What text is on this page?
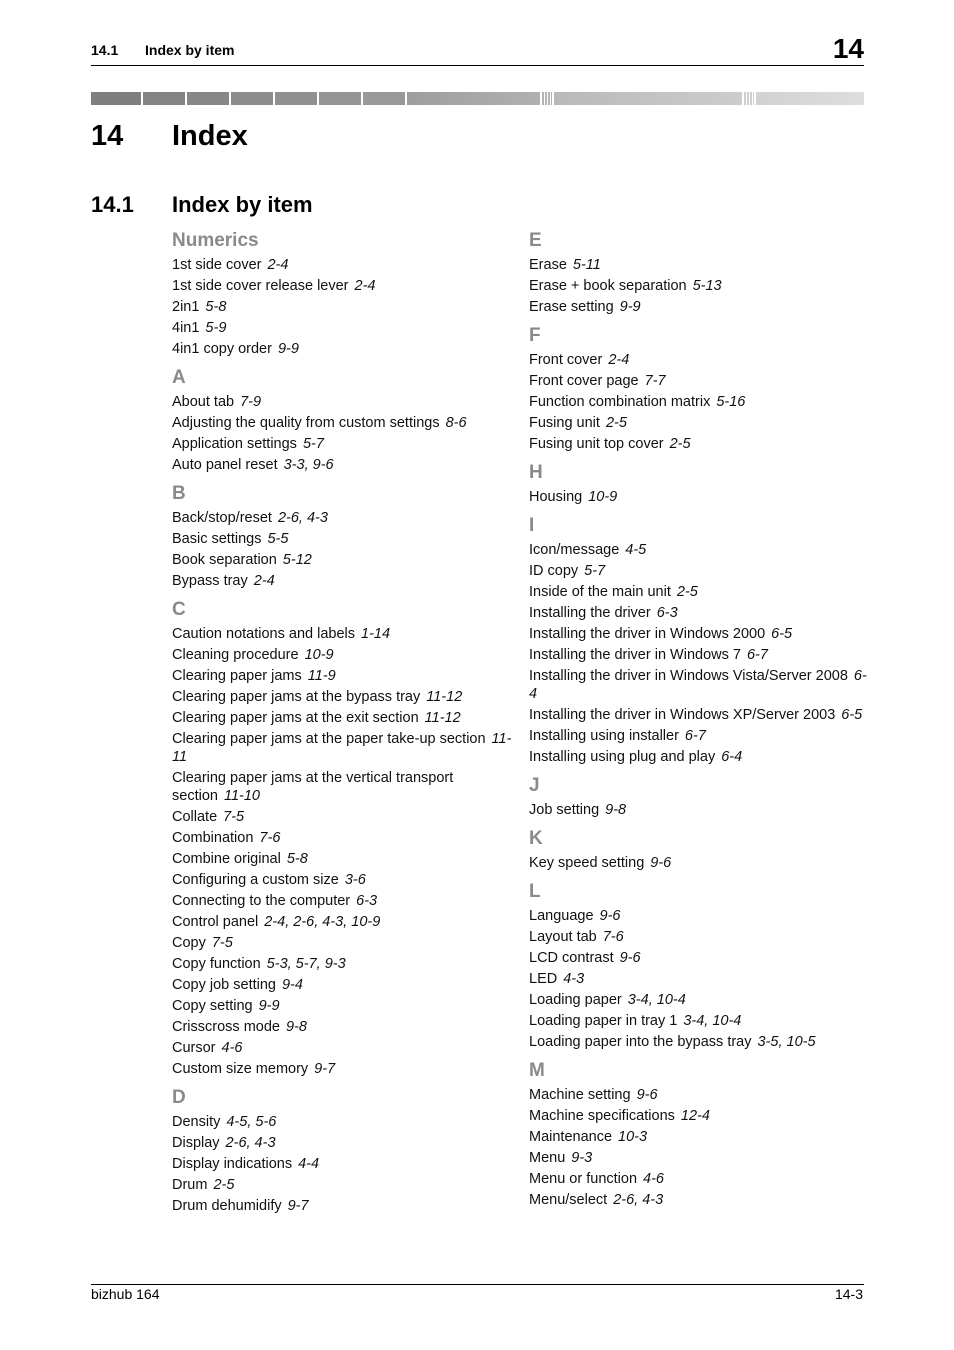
14.1 Index by item	14
14 Index
14.1 Index by item
Numerics
1st side cover 2-4
1st side cover release lever 2-4
2in1 5-8
4in1 5-9
4in1 copy order 9-9
A
About tab 7-9
Adjusting the quality from custom settings 8-6
Application settings 5-7
Auto panel reset 3-3, 9-6
B
Back/stop/reset 2-6, 4-3
Basic settings 5-5
Book separation 5-12
Bypass tray 2-4
C
Caution notations and labels 1-14
Cleaning procedure 10-9
Clearing paper jams 11-9
Clearing paper jams at the bypass tray 11-12
Clearing paper jams at the exit section 11-12
Clearing paper jams at the paper take-up section 11-11
Clearing paper jams at the vertical transport section 11-10
Collate 7-5
Combination 7-6
Combine original 5-8
Configuring a custom size 3-6
Connecting to the computer 6-3
Control panel 2-4, 2-6, 4-3, 10-9
Copy 7-5
Copy function 5-3, 5-7, 9-3
Copy job setting 9-4
Copy setting 9-9
Crisscross mode 9-8
Cursor 4-6
Custom size memory 9-7
D
Density 4-5, 5-6
Display 2-6, 4-3
Display indications 4-4
Drum 2-5
Drum dehumidify 9-7
E
Erase 5-11
Erase + book separation 5-13
Erase setting 9-9
F
Front cover 2-4
Front cover page 7-7
Function combination matrix 5-16
Fusing unit 2-5
Fusing unit top cover 2-5
H
Housing 10-9
I
Icon/message 4-5
ID copy 5-7
Inside of the main unit 2-5
Installing the driver 6-3
Installing the driver in Windows 2000 6-5
Installing the driver in Windows 7 6-7
Installing the driver in Windows Vista/Server 2008 6-4
Installing the driver in Windows XP/Server 2003 6-5
Installing using installer 6-7
Installing using plug and play 6-4
J
Job setting 9-8
K
Key speed setting 9-6
L
Language 9-6
Layout tab 7-6
LCD contrast 9-6
LED 4-3
Loading paper 3-4, 10-4
Loading paper in tray 1 3-4, 10-4
Loading paper into the bypass tray 3-5, 10-5
M
Machine setting 9-6
Machine specifications 12-4
Maintenance 10-3
Menu 9-3
Menu or function 4-6
Menu/select 2-6, 4-3
bizhub 164	14-3
